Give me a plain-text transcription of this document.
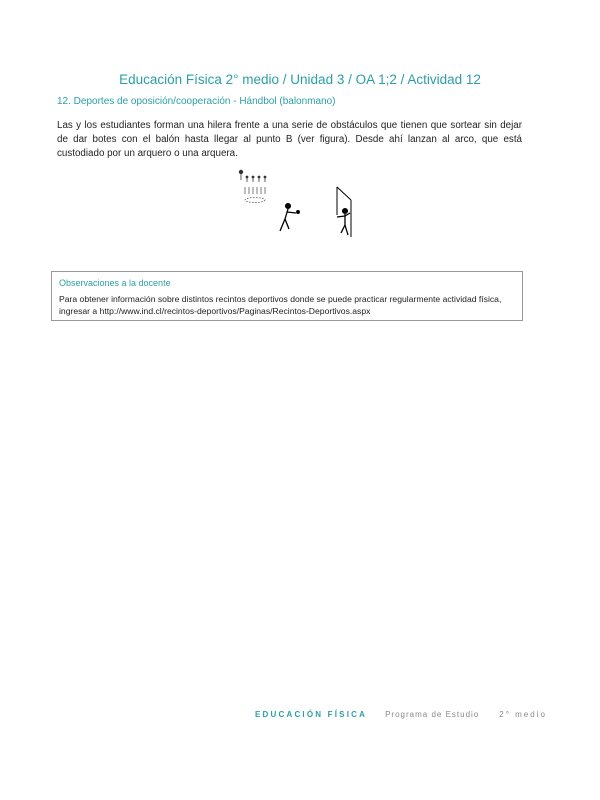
Educación Física 2° medio / Unidad 3 / OA 1;2 / Actividad 12
12. Deportes de oposición/cooperación - Hándbol (balonmano)
Las y los estudiantes forman una hilera frente a una serie de obstáculos que tienen que sortear sin dejar de dar botes con el balón hasta llegar al punto B (ver figura). Desde ahí lanzan al arco, que está custodiado por un arquero o una arquera.
Observaciones a la docente
Para obtener información sobre distintos recintos deportivos donde se puede practicar regularmente actividad física, ingresar a http://www.ind.cl/recintos-deportivos/Paginas/Recintos-Deportivos.aspx
EDUCACIÓN FÍSICA Programa de Estudio	2° medio
